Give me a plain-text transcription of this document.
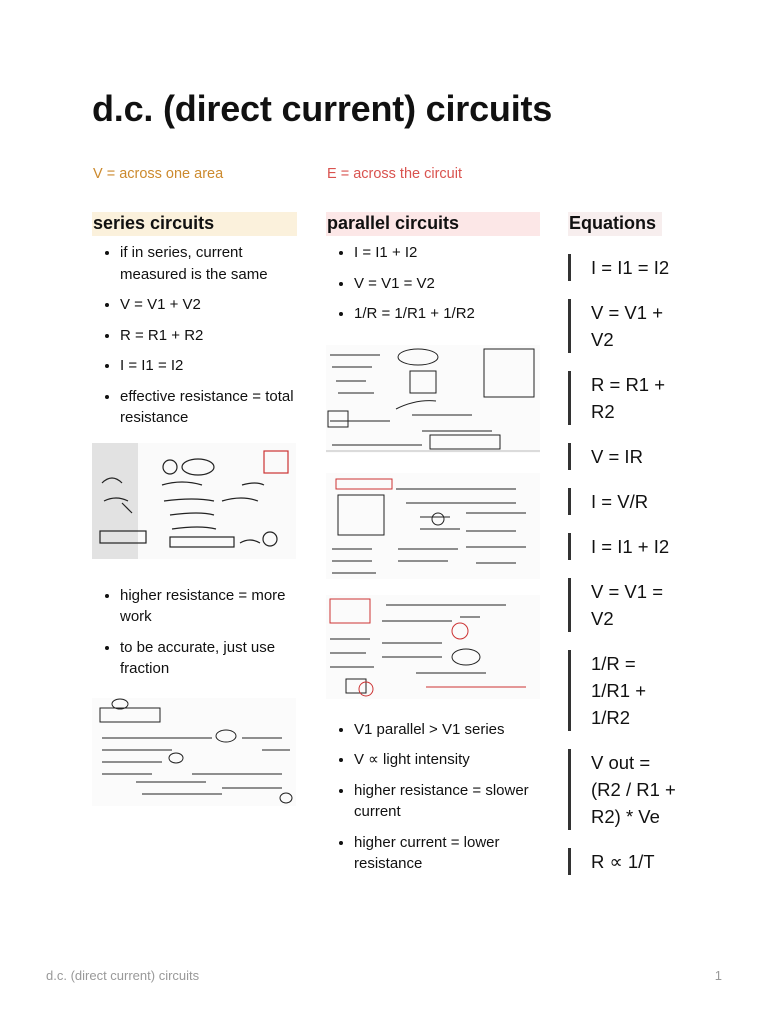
d.c. (direct current) circuits
V = across one area	E = across the circuit
series circuits
• if in series, current measured is the same
• V = V1 + V2
• R = R1 + R2
• I = I1 = I2
• effective resistance = total resistance
• higher resistance = more work
• to be accurate, just use fraction
parallel circuits
• I = I1 + I2
• V = V1 = V2
• 1/R = 1/R1 + 1/R2
• V1 parallel > V1 series
• V ∝ light intensity
• higher resistance = slower current
• higher current = lower resistance
Equations
I = I1 = I2
V = V1 + V2
R = R1 + R2
V = IR
I = V/R
I = I1 + I2
V = V1 = V2
1/R = 1/R1 + 1/R2
V out = (R2 / R1 + R2) * Ve
R ∝ 1/T
d.c. (direct current) circuits	1
